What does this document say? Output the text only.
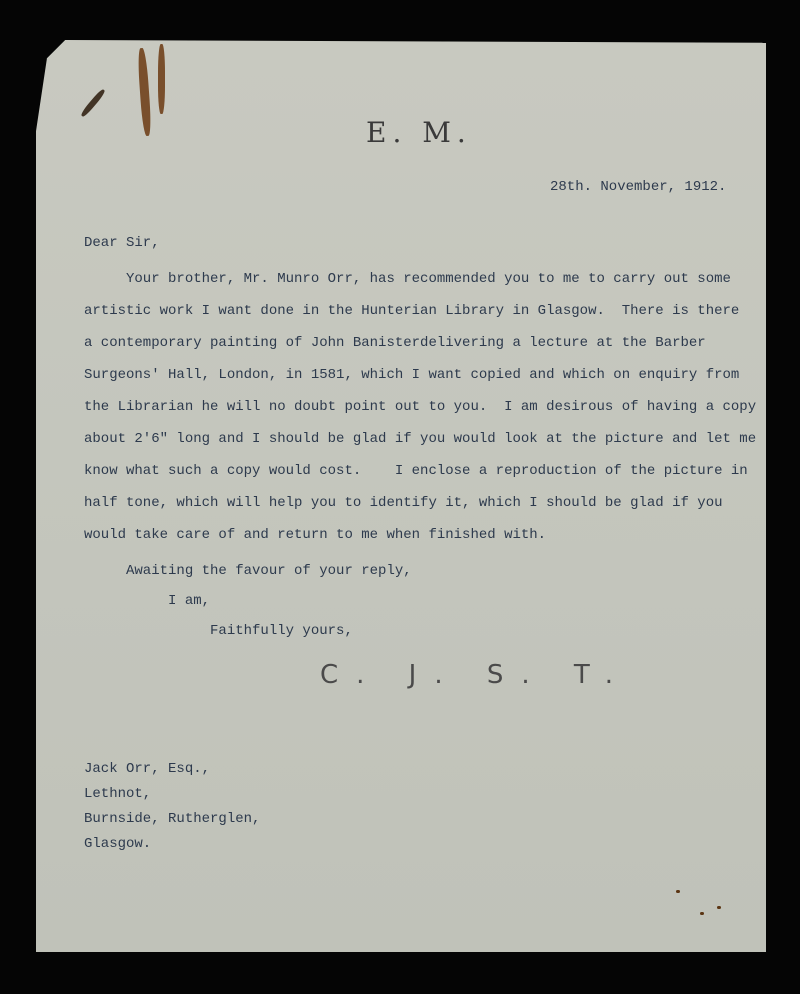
E. M.
28th. November, 1912.
Dear Sir,
Your brother, Mr. Munro Orr, has recommended you to me to carry out some
artistic work I want done in the Hunterian Library in Glasgow.  There is there
a contemporary painting of John Banisterdelivering a lecture at the Barber
Surgeons' Hall, London, in 1581, which I want copied and which on enquiry from
the Librarian he will no doubt point out to you.  I am desirous of having a copy
about 2'6" long and I should be glad if you would look at the picture and let me
know what such a copy would cost.    I enclose a reproduction of the picture in
half tone, which will help you to identify it, which I should be glad if you
would take care of and return to me when finished with.
Awaiting the favour of your reply,
I am,
Faithfully yours,
C. J. S. T.
Jack Orr, Esq.,
Lethnot,
Burnside, Rutherglen,
Glasgow.
